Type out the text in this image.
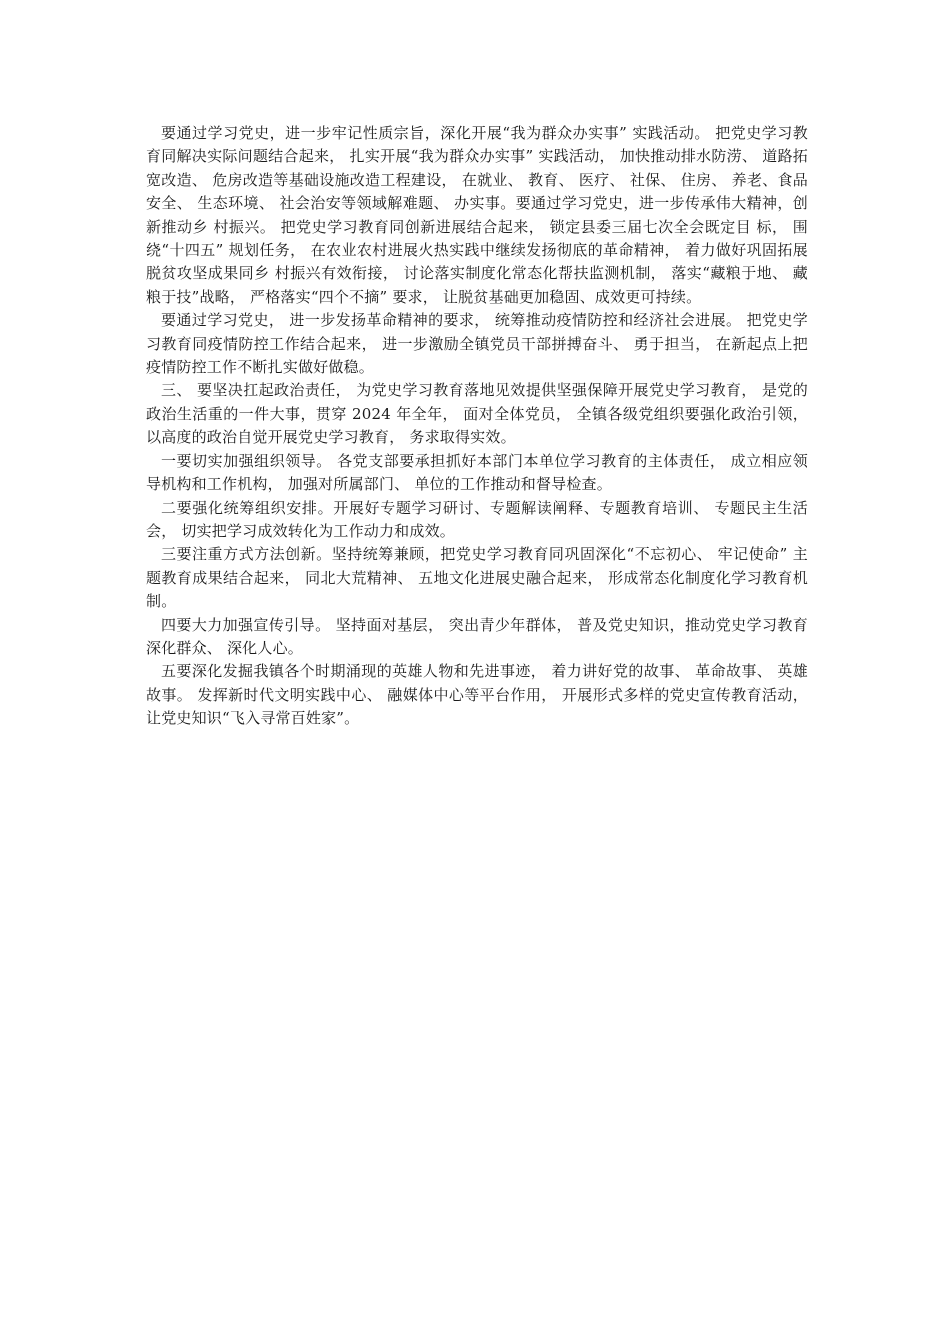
要通过学习党史，进一步牢记性质宗旨，深化开展“我为群众办实事” 实践活动。 把党史学习教育同解决实际问题结合起来， 扎实开展“我为群众办实事” 实践活动， 加快推动排水防涝、 道路拓宽改造、 危房改造等基础设施改造工程建设， 在就业、 教育、 医疗、 社保、 住房、 养老、食品安全、 生态环境、 社会治安等领域解难题、 办实事。要通过学习党史，进一步传承伟大精神，创新推动乡 村振兴。 把党史学习教育同创新进展结合起来， 锁定县委三届七次全会既定目 标， 围绕“十四五” 规划任务， 在农业农村进展火热实践中继续发扬彻底的革命精神， 着力做好巩固拓展脱贫攻坚成果同乡 村振兴有效衔接， 讨论落实制度化常态化帮扶监测机制， 落实“藏粮于地、 藏粮于技”战略， 严格落实“四个不摘” 要求， 让脱贫基础更加稳固、成效更可持续。

要通过学习党史， 进一步发扬革命精神的要求， 统筹推动疫情防控和经济社会进展。 把党史学习教育同疫情防控工作结合起来， 进一步激励全镇党员干部拼搏奋斗、 勇于担当， 在新起点上把疫情防控工作不断扎实做好做稳。

三、 要坚决扛起政治责任， 为党史学习教育落地见效提供坚强保障开展党史学习教育， 是党的政治生活重的一件大事，贯穿 2024 年全年， 面对全体党员， 全镇各级党组织要强化政治引领， 以高度的政治自觉开展党史学习教育， 务求取得实效。

一要切实加强组织领导。 各党支部要承担抓好本部门本单位学习教育的主体责任， 成立相应领导机构和工作机构， 加强对所属部门、 单位的工作推动和督导检查。

二要强化统筹组织安排。开展好专题学习研讨、专题解读阐释、专题教育培训、 专题民主生活会， 切实把学习成效转化为工作动力和成效。

三要注重方式方法创新。坚持统筹兼顾，把党史学习教育同巩固深化“不忘初心、 牢记使命” 主题教育成果结合起来， 同北大荒精神、 五地文化进展史融合起来， 形成常态化制度化学习教育机制。

四要大力加强宣传引导。 坚持面对基层， 突出青少年群体， 普及党史知识，推动党史学习教育深化群众、 深化人心。

五要深化发掘我镇各个时期涌现的英雄人物和先进事迹， 着力讲好党的故事、 革命故事、 英雄故事。 发挥新时代文明实践中心、 融媒体中心等平台作用， 开展形式多样的党史宣传教育活动，让党史知识“飞入寻常百姓家”。
